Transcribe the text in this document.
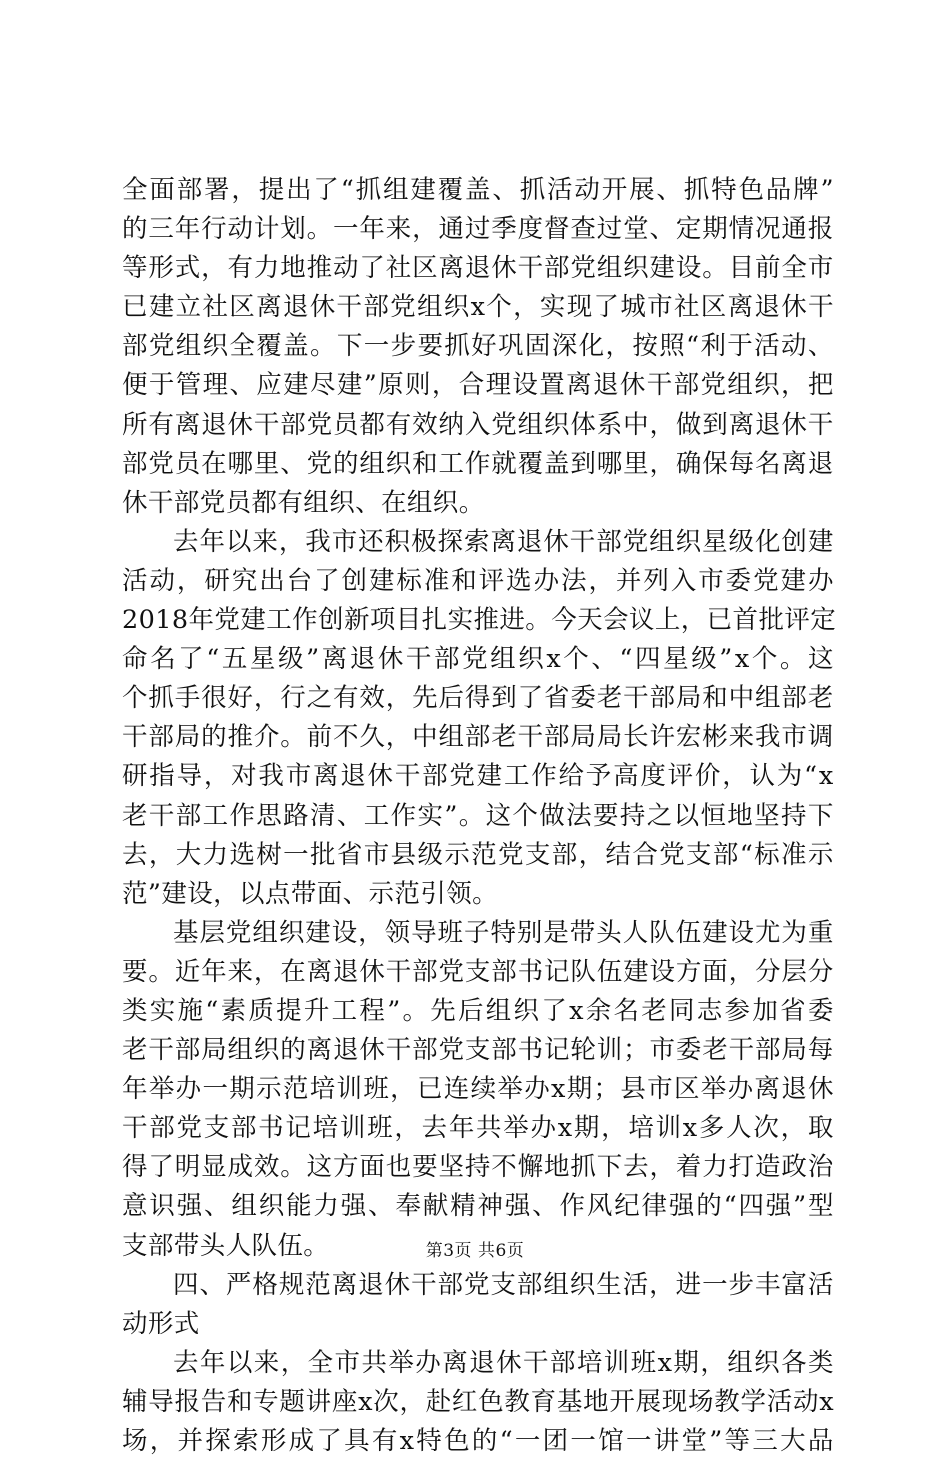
全 面 部 署 ， 提 出 了 “ 抓 组 建 覆 盖 、 抓 活 动 开 展 、 抓 特 色 品 牌 ”
的 三 年 行 动 计 划 。 一 年 来 ， 通 过 季 度 督 查 过 堂 、 定 期 情 况 通 报
等 形 式 ， 有 力 地 推 动 了 社 区 离 退 休 干 部 党 组 织 建 设 。 目 前 全 市
已 建 立 社 区 离 退 休 干 部 党 组 织 x 个 ， 实 现 了 城 市 社 区 离 退 休 干
部 党 组 织 全 覆 盖 。 下 一 步 要 抓 好 巩 固 深 化 ， 按 照 “ 利 于 活 动 、
便 于 管 理 、 应 建 尽 建 ” 原 则 ， 合 理 设 置 离 退 休 干 部 党 组 织 ， 把
所 有 离 退 休 干 部 党 员 都 有 效 纳 入 党 组 织 体 系 中 ， 做 到 离 退 休 干
部 党 员 在 哪 里 、 党 的 组 织 和 工 作 就 覆 盖 到 哪 里 ， 确 保 每 名 离 退
休干部党员都有组织、在组织。

去 年 以 来 ， 我 市 还 积 极 探 索 离 退 休 干 部 党 组 织 星 级 化 创 建
活 动 ， 研 究 出 台 了 创 建 标 准 和 评 选 办 法 ， 并 列 入 市 委 党 建 办
2018 年 党 建 工 作 创 新 项 目 扎 实 推 进 。 今 天 会 议 上 ， 已 首 批 评 定
命 名 了 “ 五 星 级 ” 离 退 休 干 部 党 组 织 x 个 、 “ 四 星 级 ” x 个 。 这
个 抓 手 很 好 ， 行 之 有 效 ， 先 后 得 到 了 省 委 老 干 部 局 和 中 组 部 老
干 部 局 的 推 介 。 前 不 久 ， 中 组 部 老 干 部 局 局 长 许 宏 彬 来 我 市 调
研 指 导 ， 对 我 市 离 退 休 干 部 党 建 工 作 给 予 高 度 评 价 ， 认 为 “ x
老 干 部 工 作 思 路 清 、 工 作 实 ” 。 这 个 做 法 要 持 之 以 恒 地 坚 持 下
去 ， 大 力 选 树 一 批 省 市 县 级 示 范 党 支 部 ， 结 合 党 支 部 “ 标 准 示
范”建设，以点带面、示范引领。

基 层 党 组 织 建 设 ， 领 导 班 子 特 别 是 带 头 人 队 伍 建 设 尤 为 重
要 。 近 年 来 ， 在 离 退 休 干 部 党 支 部 书 记 队 伍 建 设 方 面 ， 分 层 分
类 实 施 “ 素 质 提 升 工 程 ” 。 先 后 组 织 了 x 余 名 老 同 志 参 加 省 委
老 干 部 局 组 织 的 离 退 休 干 部 党 支 部 书 记 轮 训 ； 市 委 老 干 部 局 每
年 举 办 一 期 示 范 培 训 班 ， 已 连 续 举 办 x 期 ； 县 市 区 举 办 离 退 休
干 部 党 支 部 书 记 培 训 班 ， 去 年 共 举 办 x 期 ， 培 训 x 多 人 次 ， 取
得 了 明 显 成 效 。 这 方 面 也 要 坚 持 不 懈 地 抓 下 去 ， 着 力 打 造 政 治
意 识 强 、 组 织 能 力 强 、 奉 献 精 神 强 、 作 风 纪 律 强 的 “ 四 强 ” 型
支部带头人队伍。

四 、 严 格 规 范 离 退 休 干 部 党 支 部 组 织 生 活 ， 进 一 步 丰 富 活
动形式

去 年 以 来 ， 全 市 共 举 办 离 退 休 干 部 培 训 班 x 期 ， 组 织 各 类
辅 导 报 告 和 专 题 讲 座 x 次 ， 赴 红 色 教 育 基 地 开 展 现 场 教 学 活 动 x
场 ， 并 探 索 形 成 了 具 有 x 特 色 的 “ 一 团 一 馆 一 讲 堂 ” 等 三 大 品

第3页 共6页
